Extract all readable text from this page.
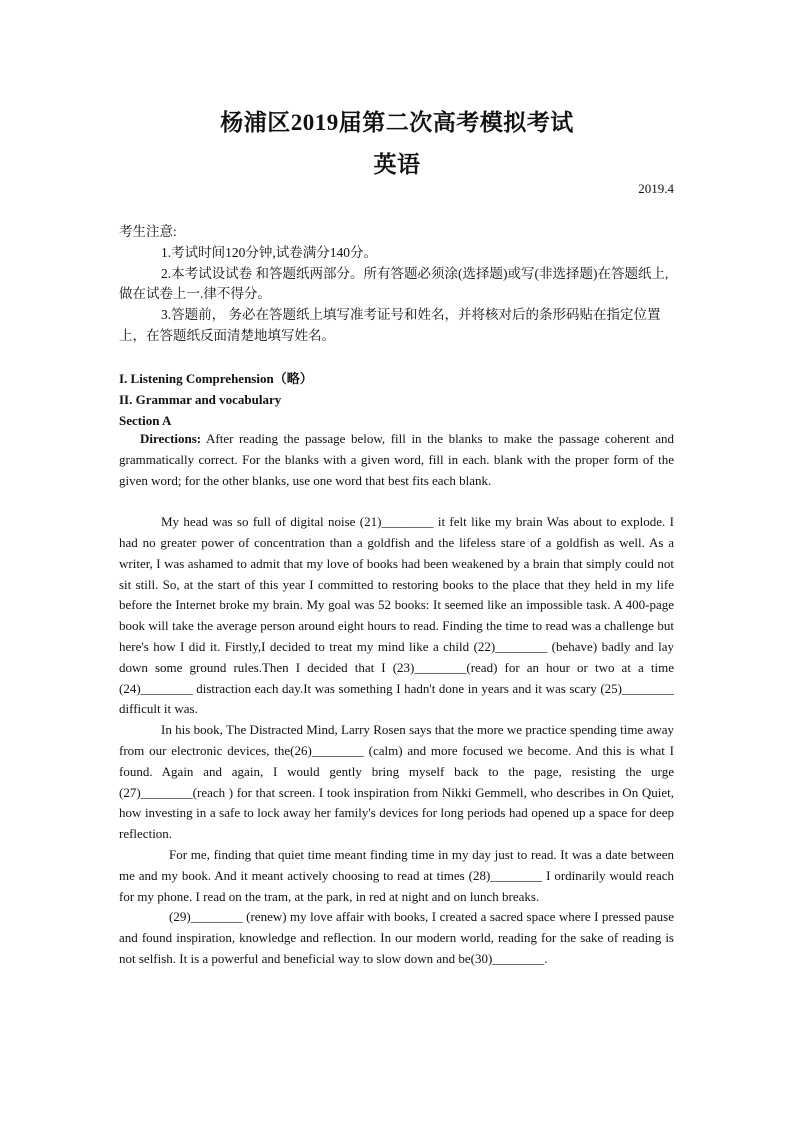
杨浦区2019届第二次高考模拟考试
英语
2019.4

考生注意:

1.考试时间120分钟,试卷满分140分。

2.本考试设试卷 和答题纸两部分。所有答题必须涂(选择题)或写(非选择题)在答题纸上,做在试卷上一.律不得分。

3.答题前， 务必在答题纸上填写准考证号和姓名，并将核对后的条形码贴在指定位置上，在答题纸反面清楚地填写姓名。

I. Listening Comprehension（略）

II. Grammar and vocabulary

Section A

Directions: After reading the passage below, fill in the blanks to make the passage coherent and grammatically correct. For the blanks with a given word, fill in each. blank with the proper form of the given word; for the other blanks, use one word that best fits each blank.

My head was so full of digital noise (21)________ it felt like my brain Was about to explode. I had no greater power of concentration than a goldfish and the lifeless stare of a goldfish as well. As a writer, I was ashamed to admit that my love of books had been weakened by a brain that simply could not sit still. So, at the start of this year I committed to restoring books to the place that they held in my life before the Internet broke my brain. My goal was 52 books: It seemed like an impossible task. A 400-page book will take the average person around eight hours to read. Finding the time to read was a challenge but here's how I did it. Firstly,I decided to treat my mind like a child (22)________ (behave) badly and lay down some ground rules.Then I decided that I (23)________(read) for an hour or two at a time (24)________ distraction each day.It was something I hadn't done in years and it was scary (25)________ difficult it was.

In his book, The Distracted Mind, Larry Rosen says that the more we practice spending time away from our electronic devices, the(26)________ (calm) and more focused we become. And this is what I found. Again and again, I would gently bring myself back to the page, resisting the urge (27)________(reach ) for that screen. I took inspiration from Nikki Gemmell, who describes in On Quiet, how investing in a safe to lock away her family's devices for long periods had opened up a space for deep reflection.

For me, finding that quiet time meant finding time in my day just to read. It was a date between me and my book. And it meant actively choosing to read at times (28)________ I ordinarily would reach for my phone. I read on the tram, at the park, in red at night and on lunch breaks.

(29)________ (renew) my love affair with books, I created a sacred space where I pressed pause and found inspiration, knowledge and reflection. In our modern world, reading for the sake of reading is not selfish. It is a powerful and beneficial way to slow down and be(30)________.
